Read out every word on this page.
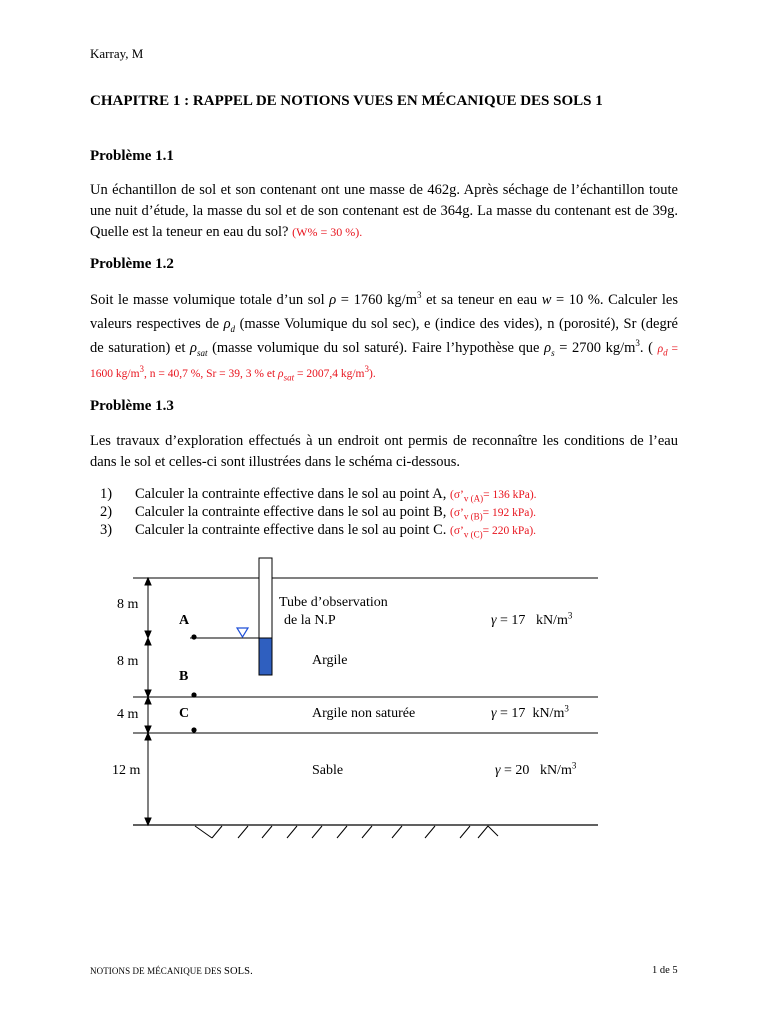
Karray, M
CHAPITRE 1 : RAPPEL DE NOTIONS VUES EN MÉCANIQUE DES SOLS 1
Problème 1.1
Un échantillon de sol et son contenant ont une masse de 462g. Après séchage de l’échantillon toute une nuit d’étude, la masse du sol et de son contenant est de 364g. La masse du contenant est de 39g. Quelle est la teneur en eau du sol? (W% = 30 %).
Problème 1.2
Soit le masse volumique totale d’un sol ρ = 1760 $kg/m^3$ et sa teneur en eau w = 10 %. Calculer les valeurs respectives de $\rho_d$ (masse Volumique du sol sec), e (indice des vides), n (porosité), Sr (degré de saturation) et $\rho_{sat}$ (masse volumique du sol saturé). Faire l’hypothèse que $\rho_s = 2700$ $kg/m^3$. ( $\rho_d = 1600$ $kg/m^3$, n = 40,7 %, Sr = 39, 3 % et $\rho_{sat} = 2007,4$ $kg/m^3$).
Problème 1.3
Les travaux d’exploration effectués à un endroit ont permis de reconnaître les conditions de l’eau dans le sol et celles-ci sont illustrées dans le schéma ci-dessous.
1) Calculer la contrainte effective dans le sol au point A, ($\sigma’_{v (A)}= 136$ kPa).
2) Calculer la contrainte effective dans le sol au point B, ($\sigma’_{v (B)}= 192$ kPa).
3) Calculer la contrainte effective dans le sol au point C. ($\sigma’_{v (C)}= 220$ kPa).
8 m
8 m
4 m
12 m
A
B
C
Tube d’observation
de la N.P
Argile
Argile non saturée
Sable
γ = 17 $kN/m^3$
γ = 17 $kN/m^3$
γ = 20 $kN/m^3$
NOTIONS DE MÉCANIQUE DES SOLS.	1 de 5
